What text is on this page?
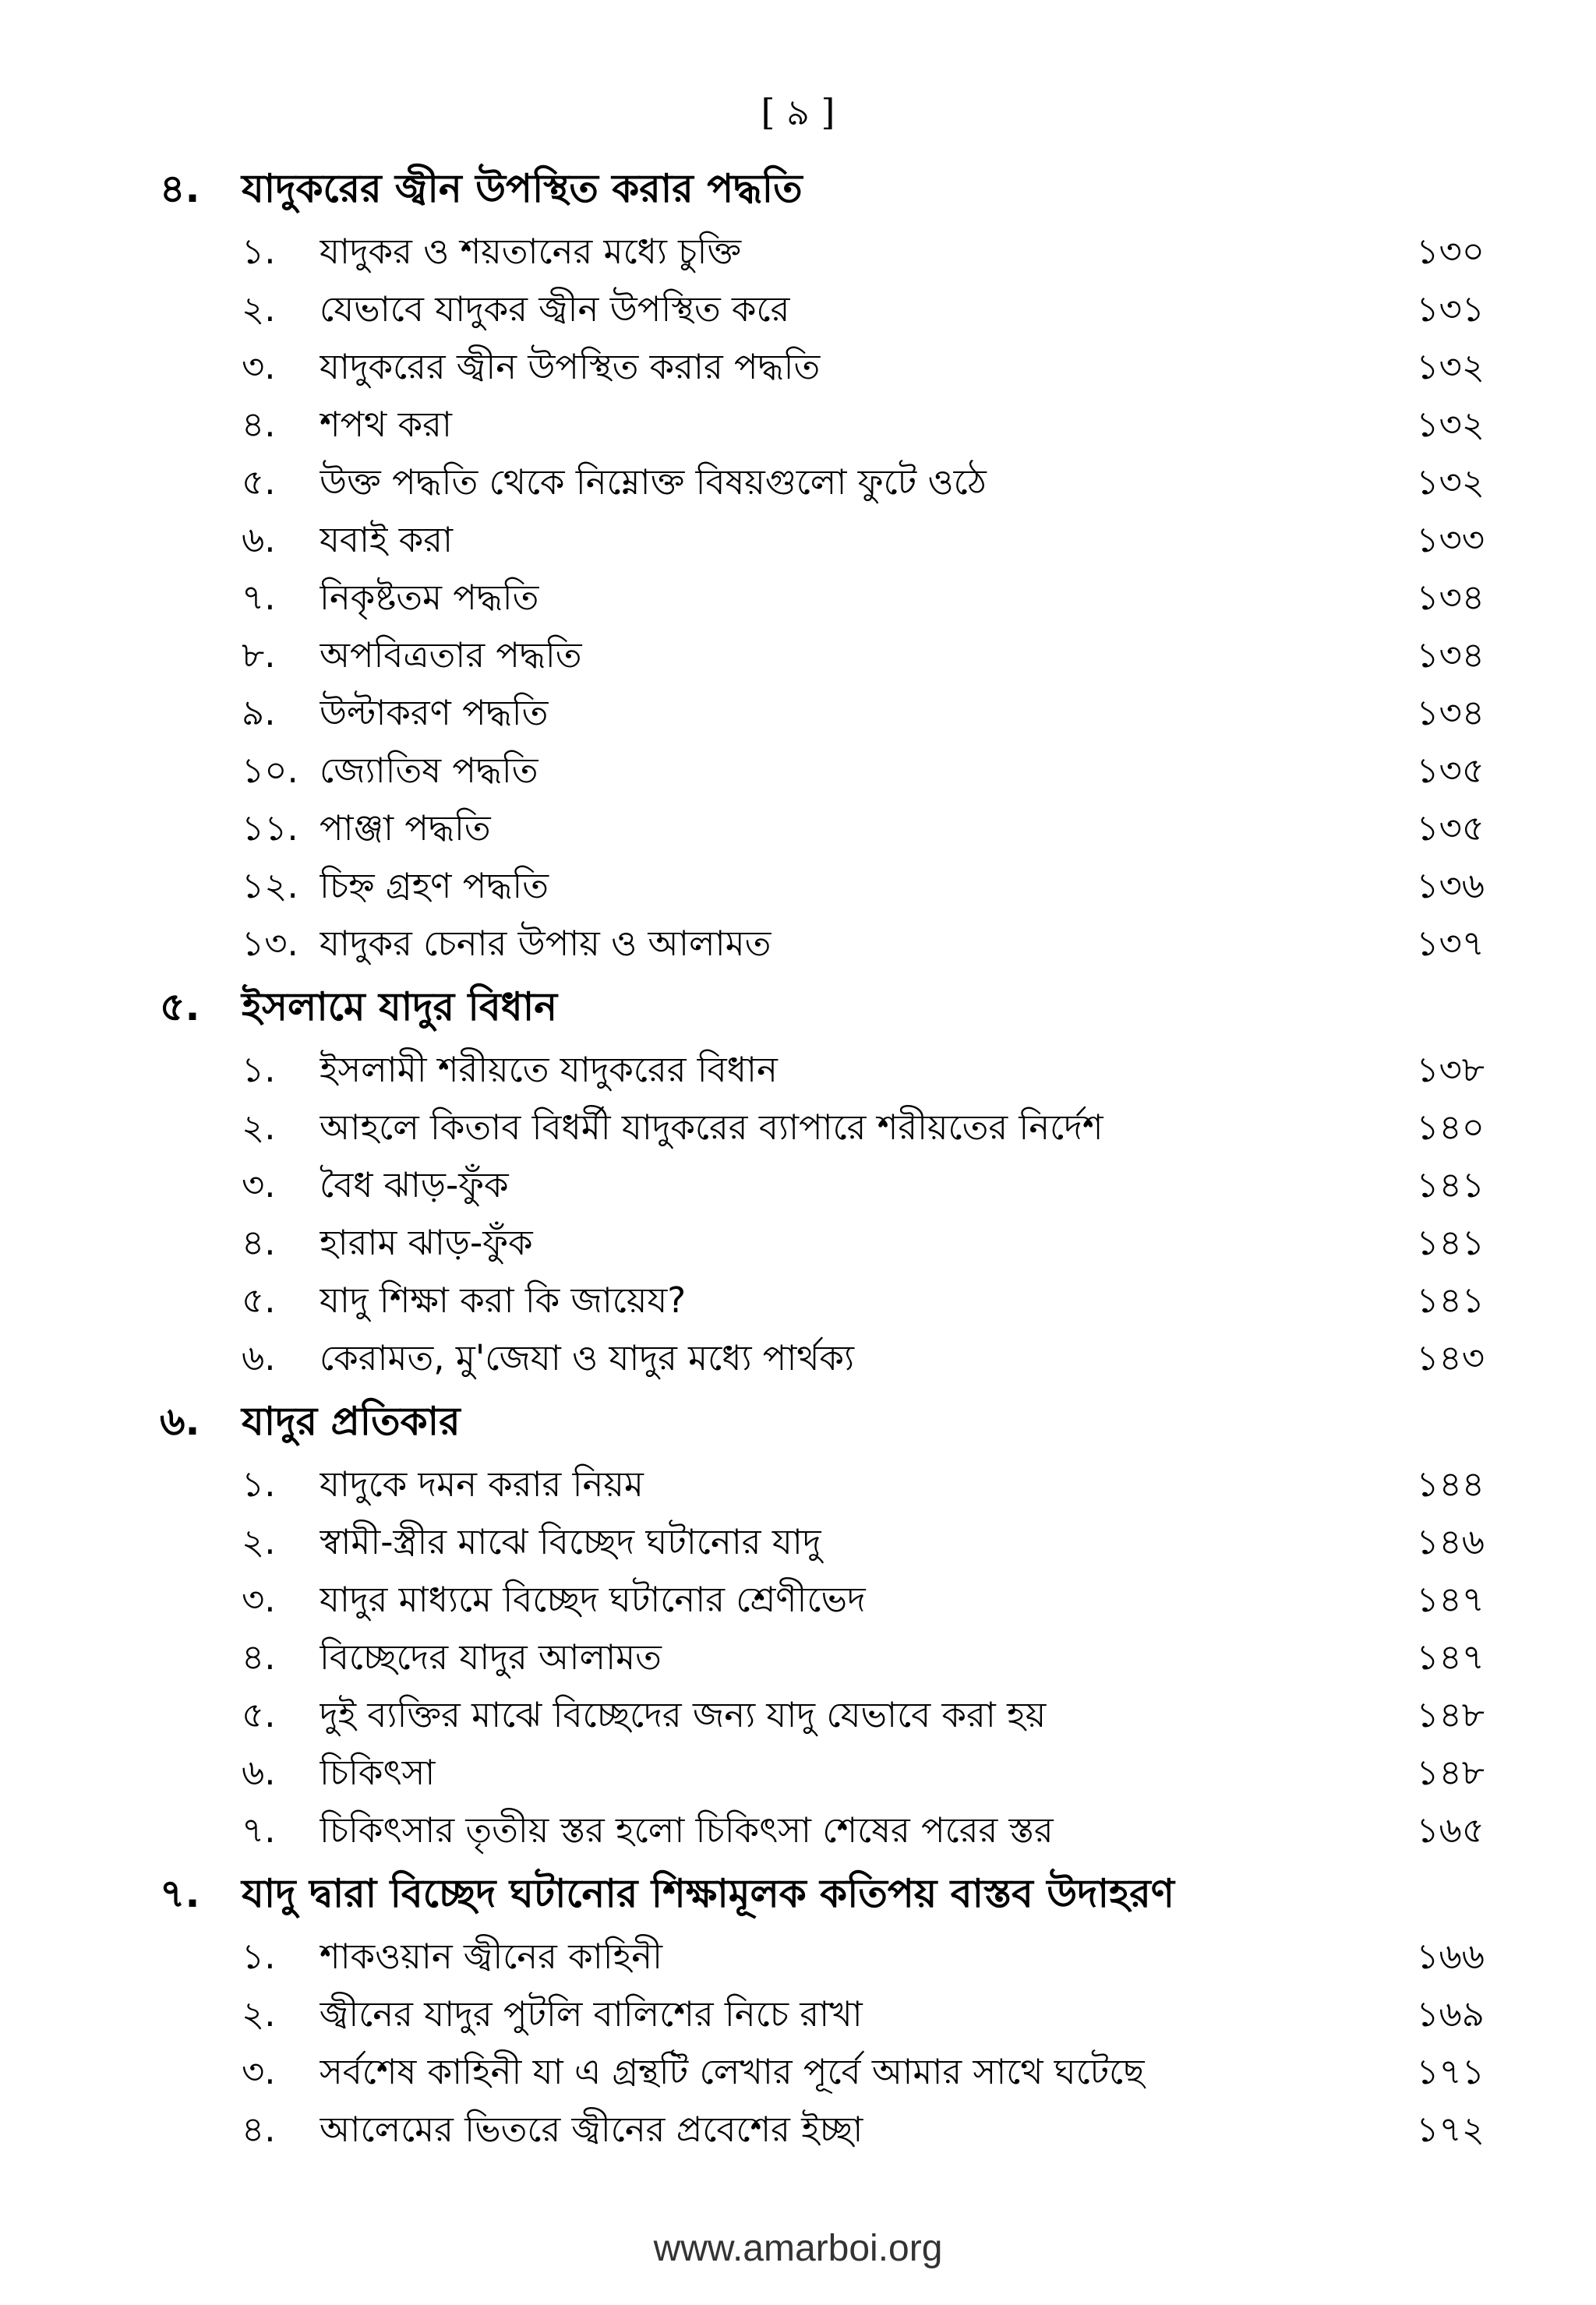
[ ৯ ]
৪.	যাদুকরের জ্বীন উপস্থিত করার পদ্ধতি
১.	যাদুকর ও শয়তানের মধ্যে চুক্তি	১৩০
২.	যেভাবে যাদুকর জ্বীন উপস্থিত করে	১৩১
৩.	যাদুকরের জ্বীন উপস্থিত করার পদ্ধতি	১৩২
৪.	শপথ করা	১৩২
৫.	উক্ত পদ্ধতি থেকে নিম্নোক্ত বিষয়গুলো ফুটে ওঠে	১৩২
৬.	যবাই করা	১৩৩
৭.	নিকৃষ্টতম পদ্ধতি	১৩৪
৮.	অপবিত্রতার পদ্ধতি	১৩৪
৯.	উল্টাকরণ পদ্ধতি	১৩৪
১০. জ্যোতিষ পদ্ধতি	১৩৫
১১. পাঞ্জা পদ্ধতি	১৩৫
১২. চিহ্ন গ্রহণ পদ্ধতি	১৩৬
১৩. যাদুকর চেনার উপায় ও আলামত	১৩৭
৫.	ইসলামে যাদুর বিধান
১.	ইসলামী শরীয়তে যাদুকরের বিধান	১৩৮
২.	আহলে কিতাব বিধর্মী যাদুকরের ব্যাপারে শরীয়তের নির্দেশ	১৪০
৩.	বৈধ ঝাড়-ফুঁক	১৪১
৪.	হারাম ঝাড়-ফুঁক	১৪১
৫.	যাদু শিক্ষা করা কি জায়েয?	১৪১
৬.	কেরামত, মু'জেযা ও যাদুর মধ্যে পার্থক্য	১৪৩
৬.	যাদুর প্রতিকার
১.	যাদুকে দমন করার নিয়ম	১৪৪
২.	স্বামী-স্ত্রীর মাঝে বিচ্ছেদ ঘটানোর যাদু	১৪৬
৩.	যাদুর মাধ্যমে বিচ্ছেদ ঘটানোর শ্রেণীভেদ	১৪৭
৪.	বিচ্ছেদের যাদুর আলামত	১৪৭
৫.	দুই ব্যক্তির মাঝে বিচ্ছেদের জন্য যাদু যেভাবে করা হয়	১৪৮
৬.	চিকিৎসা	১৪৮
৭.	চিকিৎসার তৃতীয় স্তর হলো চিকিৎসা শেষের পরের স্তর	১৬৫
৭.	যাদু দ্বারা বিচ্ছেদ ঘটানোর শিক্ষামূলক কতিপয় বাস্তব উদাহরণ
১.	শাকওয়ান জ্বীনের কাহিনী	১৬৬
২.	জ্বীনের যাদুর পুটলি বালিশের নিচে রাখা	১৬৯
৩.	সর্বশেষ কাহিনী যা এ গ্রন্থটি লেখার পূর্বে আমার সাথে ঘটেছে	১৭১
৪.	আলেমের ভিতরে জ্বীনের প্রবেশের ইচ্ছা	১৭২
www.amarboi.org
